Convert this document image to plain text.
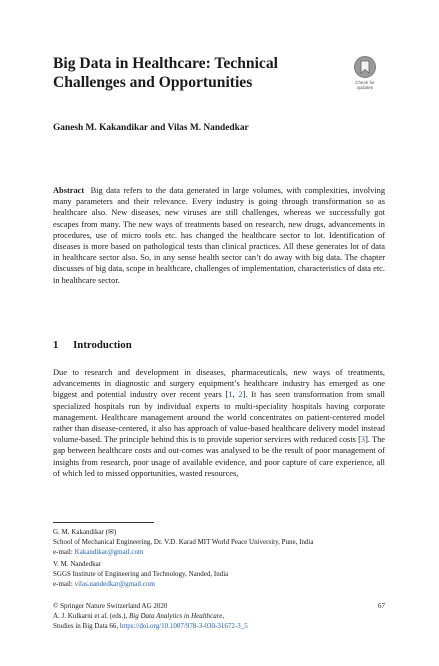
Big Data in Healthcare: Technical Challenges and Opportunities	Check for
updates
Ganesh M. Kakandikar and Vilas M. Nandedkar
Abstract Big data refers to the data generated in large volumes, with complexities, involving many parameters and their relevance. Every industry is going through transformation so as healthcare also. New diseases, new viruses are still challenges, whereas we successfully got escapes from many. The new ways of treatments based on research, new drugs, advancements in procedures, use of micro tools etc. has changed the healthcare sector to lot. Identification of diseases is more based on pathological tests than clinical practices. All these generates lot of data in healthcare sector also. So, in any sense health sector can’t do away with big data. The chapter discusses of big data, scope in healthcare, challenges of implementation, characteristics of data etc. in healthcare sector.
1 Introduction
Due to research and development in diseases, pharmaceuticals, new ways of treatments, advancements in diagnostic and surgery equipment’s healthcare industry has emerged as one biggest and potential industry over recent years [1, 2]. It has seen transformation from small specialized hospitals run by individual experts to multi-speciality hospitals having corporate management. Healthcare management around the world concentrates on patient-centered model rather than disease-centered, it also has approach of value-based healthcare delivery model instead volume-based. The principle behind this is to provide superior services with reduced costs [3]. The gap between healthcare costs and out-comes was analysed to be the result of poor management of insights from research, poor usage of available evidence, and poor capture of care experience, all of which led to missed opportunities, wasted resources,
G. M. Kakandikar (✉)
School of Mechanical Engineering, Dr. V.D. Karad MIT World Peace University, Pune, India
e-mail: Kakandikar@gmail.com
V. M. Nandedkar
SGGS Institute of Engineering and Technology, Nanded, India
e-mail: vilas.nandedkar@gmail.com
© Springer Nature Switzerland AG 2020
A. J. Kulkarni et al. (eds.), Big Data Analytics in Healthcare,
Studies in Big Data 66, https://doi.org/10.1007/978-3-030-31672-3_5
67
